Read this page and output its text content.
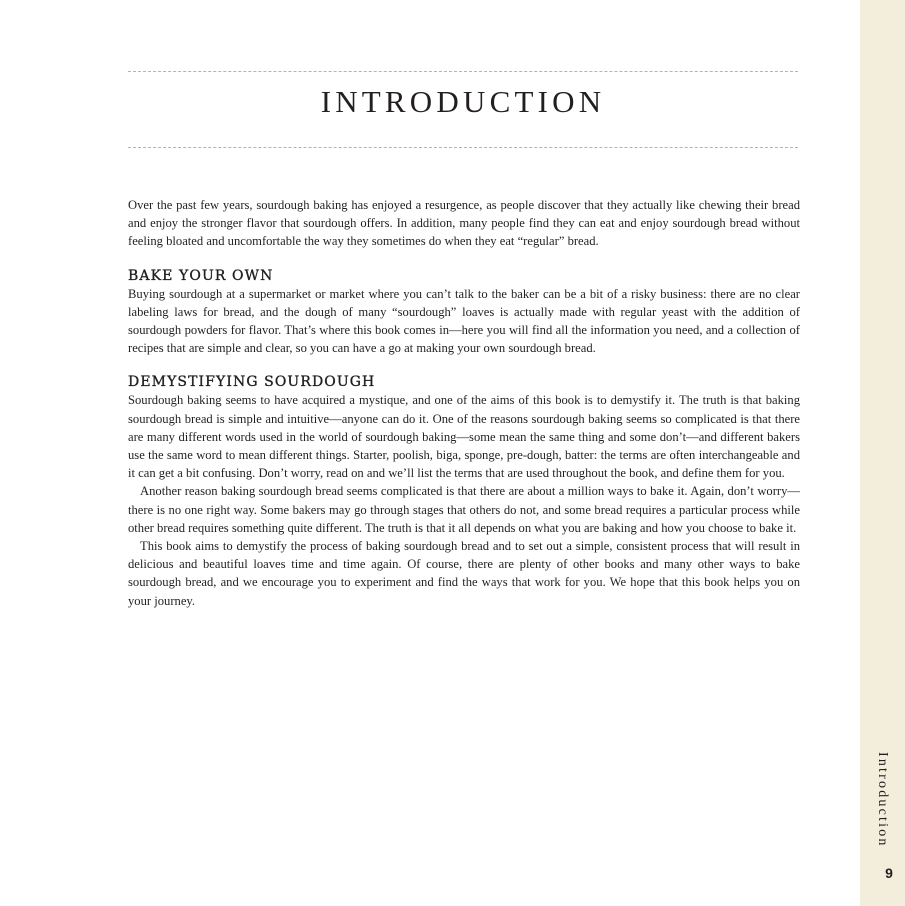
INTRODUCTION

Over the past few years, sourdough baking has enjoyed a resurgence, as people discover that they actually like chewing their bread and enjoy the stronger flavor that sourdough offers. In addition, many people find they can eat and enjoy sourdough bread without feeling bloated and uncomfortable the way they sometimes do when they eat “regular” bread.

BAKE YOUR OWN

Buying sourdough at a supermarket or market where you can’t talk to the baker can be a bit of a risky business: there are no clear labeling laws for bread, and the dough of many “sourdough” loaves is actually made with regular yeast with the addition of sourdough powders for flavor. That’s where this book comes in—here you will find all the information you need, and a collection of recipes that are simple and clear, so you can have a go at making your own sourdough bread.

DEMYSTIFYING SOURDOUGH

Sourdough baking seems to have acquired a mystique, and one of the aims of this book is to demystify it. The truth is that baking sourdough bread is simple and intuitive—anyone can do it. One of the reasons sourdough baking seems so complicated is that there are many different words used in the world of sourdough baking—some mean the same thing and some don’t—and different bakers use the same word to mean different things. Starter, poolish, biga, sponge, pre-dough, batter: the terms are often interchangeable and it can get a bit confusing. Don’t worry, read on and we’ll list the terms that are used throughout the book, and define them for you.

Another reason baking sourdough bread seems complicated is that there are about a million ways to bake it. Again, don’t worry—there is no one right way. Some bakers may go through stages that others do not, and some bread requires a particular process while other bread requires something quite different. The truth is that it all depends on what you are baking and how you choose to bake it.

This book aims to demystify the process of baking sourdough bread and to set out a simple, consistent process that will result in delicious and beautiful loaves time and time again. Of course, there are plenty of other books and many other ways to bake sourdough bread, and we encourage you to experiment and find the ways that work for you. We hope that this book helps you on your journey.

Introduction
9
